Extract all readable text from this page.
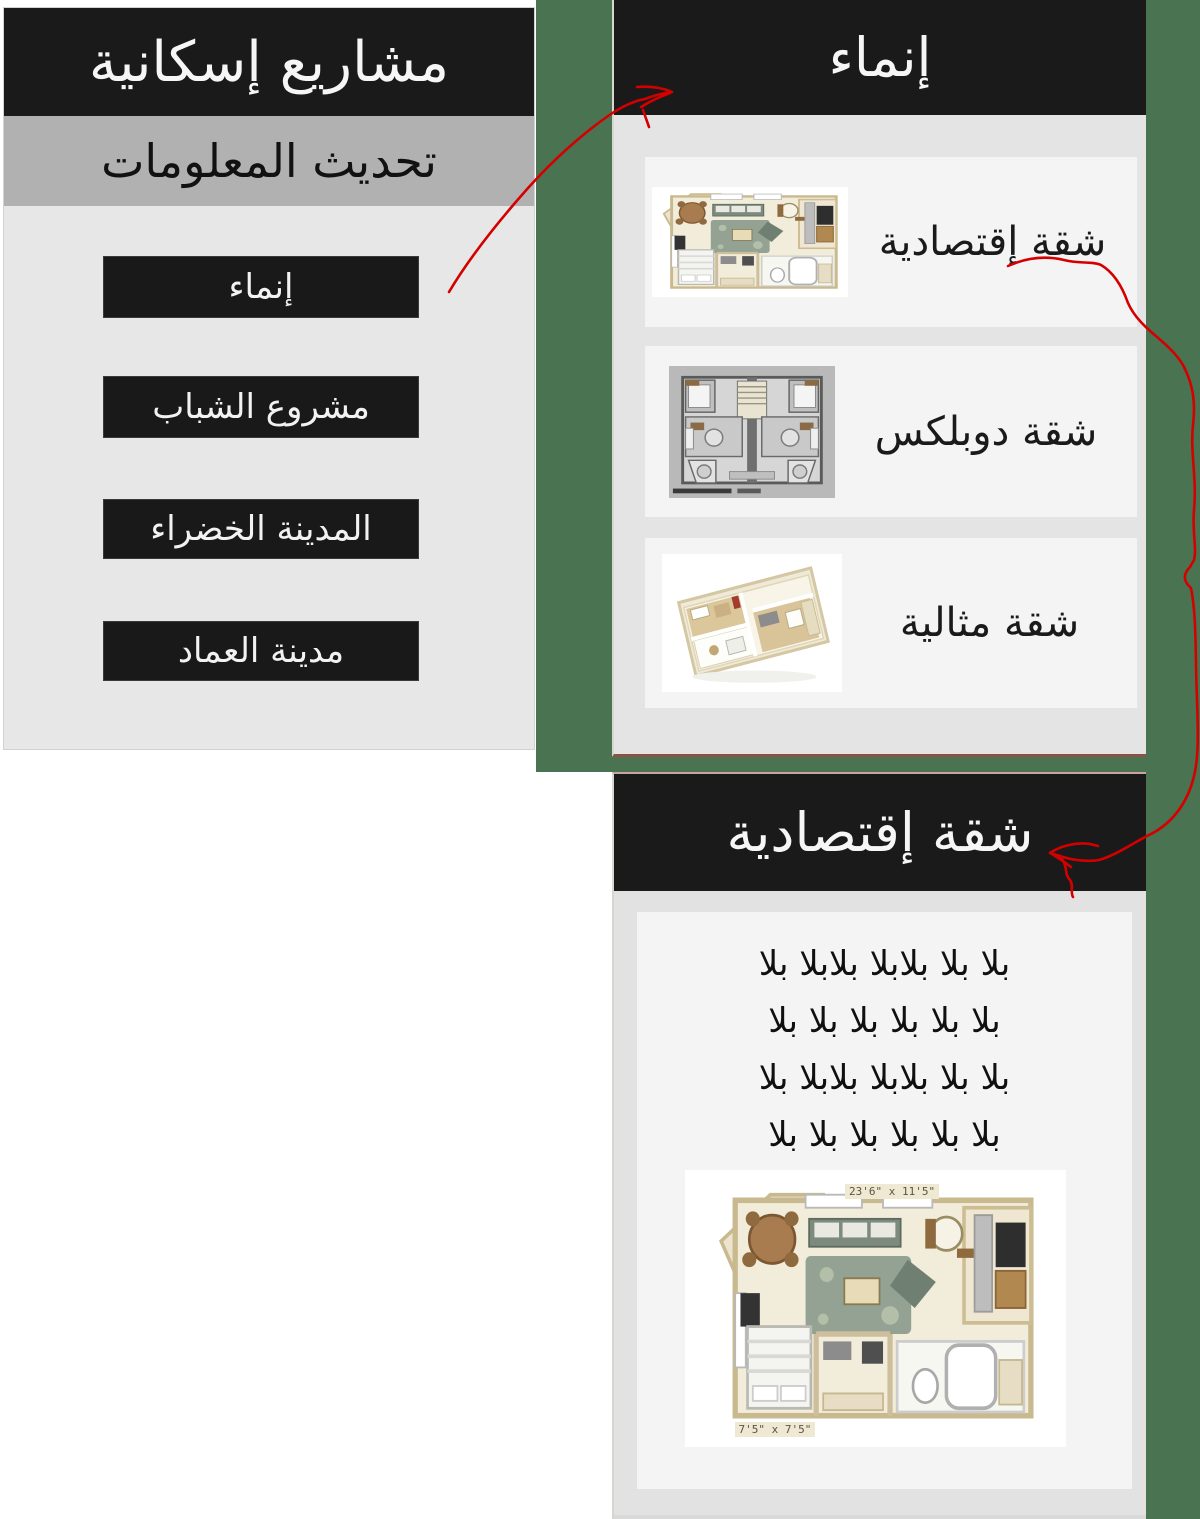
مشاريع إسكانية
تحديث المعلومات
إنماء
مشروع الشباب
المدينة الخضراء
مدينة العماد
إنماء
شقة إقتصادية
شقة دوبلكس
شقة مثالية
شقة إقتصادية
بلا بلا بلابلا بلابلا بلا
بلا بلا بلا بلا بلا بلا
بلا بلا بلابلا بلابلا بلا
بلا بلا بلا بلا بلا بلا
23'6" x 11'5"
7'5" x 7'5"
